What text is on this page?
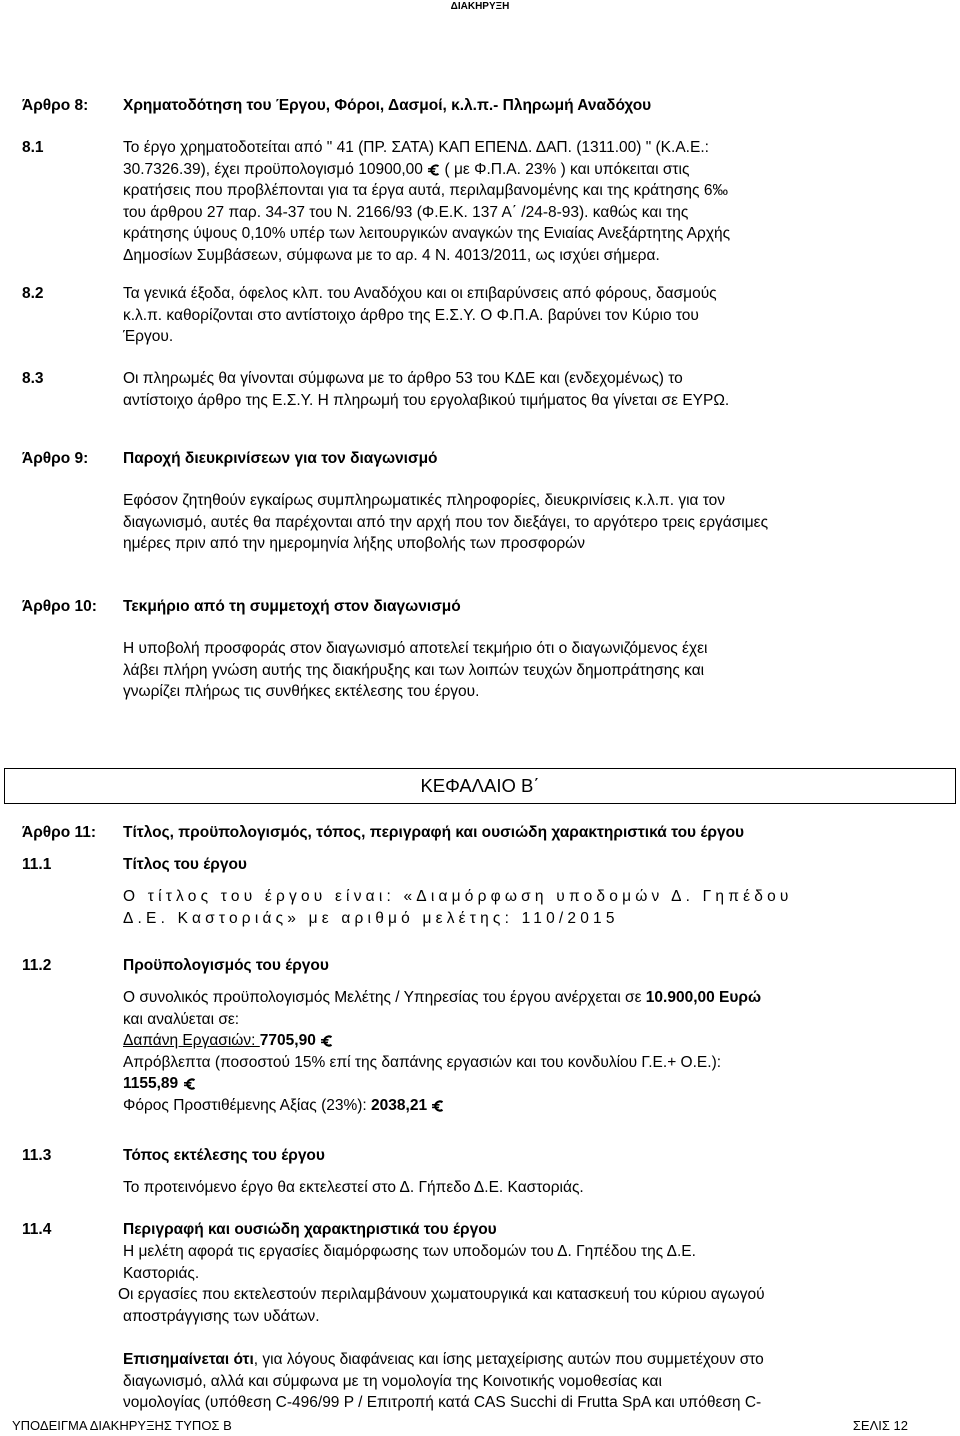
ΔΙΑΚΗΡΥΞΗ
Άρθρο 8: Χρηματοδότηση του Έργου, Φόροι, Δασμοί, κ.λ.π.- Πληρωμή Αναδόχου
8.1	Το έργο χρηματοδοτείται από " 41 (ΠΡ. ΣΑΤΑ) ΚΑΠ ΕΠΕΝΔ. ΔΑΠ. (1311.00) " (Κ.Α.Ε.:
30.7326.39), έχει προϋπολογισμό 10900,00 ( με Φ.Π.Α. 23% ) και υπόκειται στις
κρατήσεις που προβλέπονται για τα έργα αυτά, περιλαμβανομένης και της κράτησης 6‰
του άρθρου 27 παρ. 34-37 του Ν. 2166/93 (Φ.Ε.Κ. 137 Α΄ /24-8-93). καθώς και της
κράτησης ύψους 0,10% υπέρ των λειτουργικών αναγκών της Ενιαίας Ανεξάρτητης Αρχής
Δημοσίων Συμβάσεων, σύμφωνα με το αρ. 4 Ν. 4013/2011, ως ισχύει σήμερα.
8.2	Τα γενικά έξοδα, όφελος κλπ. του Αναδόχου και οι επιβαρύνσεις από φόρους, δασμούς
κ.λ.π. καθορίζονται στο αντίστοιχο άρθρο της Ε.Σ.Υ. Ο Φ.Π.Α. βαρύνει τον Κύριο του
Έργου.
8.3	Οι πληρωμές θα γίνονται σύμφωνα με το άρθρο 53 του ΚΔΕ και (ενδεχομένως) το
αντίστοιχο άρθρο της Ε.Σ.Υ. Η πληρωμή του εργολαβικού τιμήματος θα γίνεται σε ΕΥΡΩ.
Άρθρο 9: Παροχή διευκρινίσεων για τον διαγωνισμό
Εφόσον ζητηθούν εγκαίρως συμπληρωματικές πληροφορίες, διευκρινίσεις κ.λ.π. για τον
διαγωνισμό, αυτές θα παρέχονται από την αρχή που τον διεξάγει, το αργότερο τρεις εργάσιμες
ημέρες πριν από την ημερομηνία λήξης υποβολής των προσφορών
Άρθρο 10: Τεκμήριο από τη συμμετοχή στον διαγωνισμό
Η υποβολή προσφοράς στον διαγωνισμό αποτελεί τεκμήριο ότι ο διαγωνιζόμενος έχει
λάβει πλήρη γνώση αυτής της διακήρυξης και των λοιπών τευχών δημοπράτησης και
γνωρίζει πλήρως τις συνθήκες εκτέλεσης του έργου.
ΚΕΦΑΛΑΙΟ Β΄
Άρθρο 11: Τίτλος, προϋπολογισμός, τόπος, περιγραφή και ουσιώδη χαρακτηριστικά του έργου
11.1	Τίτλος του έργου
Ο τίτλος του έργου είναι: «Διαμόρφωση υποδομών Δ. Γηπέδου
Δ.Ε. Καστοριάς» με αριθμό μελέτης: 110/2015
11.2	Προϋπολογισμός του έργου
Ο συνολικός προϋπολογισμός Μελέτης / Υπηρεσίας του έργου ανέρχεται σε 10.900,00 Ευρώ
και αναλύεται σε:
Δαπάνη Εργασιών: 7705,90
Απρόβλεπτα (ποσοστού 15% επί της δαπάνης εργασιών και του κονδυλίου Γ.Ε.+ Ο.Ε.):
1155,89
Φόρος Προστιθέμενης Αξίας (23%): 2038,21
11.3	Τόπος εκτέλεσης του έργου
Το προτεινόμενο έργο θα εκτελεστεί στο Δ. Γήπεδο Δ.Ε. Καστοριάς.
11.4	Περιγραφή και ουσιώδη χαρακτηριστικά του έργου
Η μελέτη αφορά τις εργασίες διαμόρφωσης των υποδομών του Δ. Γηπέδου της Δ.Ε.
Καστοριάς.
Οι εργασίες που εκτελεστούν περιλαμβάνουν χωματουργικά και κατασκευή του κύριου αγωγού
αποστράγγισης των υδάτων.
Επισημαίνεται ότι, για λόγους διαφάνειας και ίσης μεταχείρισης αυτών που συμμετέχουν στο
διαγωνισμό, αλλά και σύμφωνα με τη νομολογία της Κοινοτικής νομοθεσίας και
νομολογίας (υπόθεση C-496/99 P / Επιτροπή κατά CAS Succhi di Frutta SpA και υπόθεση C-
ΥΠΟΔΕΙΓΜΑ ΔΙΑΚΗΡΥΞΗΣ ΤΥΠΟΣ Β	ΣΕΛΙΣ 12
